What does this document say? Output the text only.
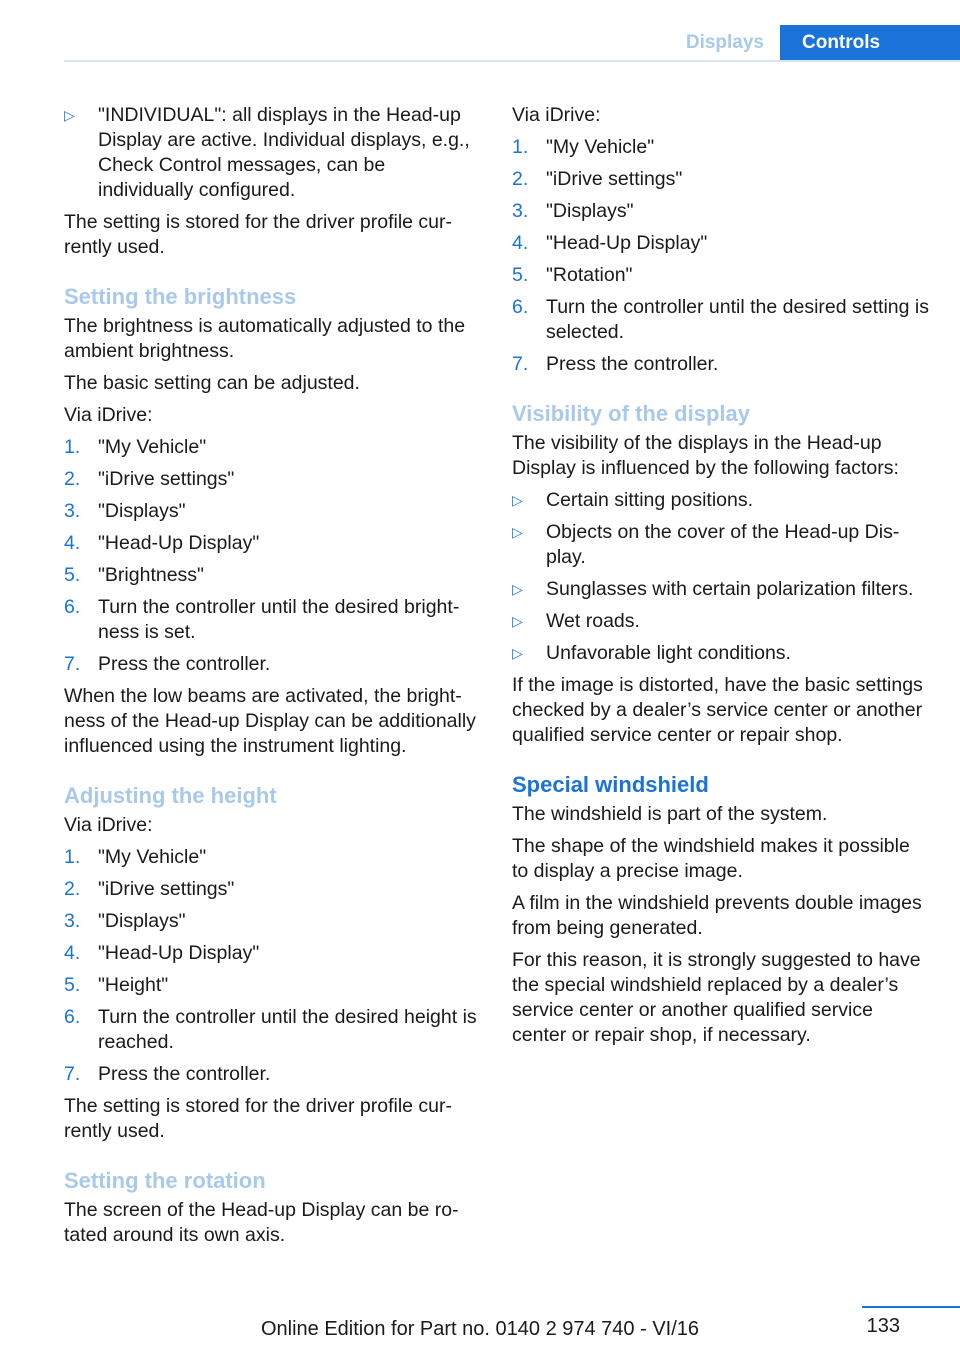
Displays	Controls
▷	"INDIVIDUAL": all displays in the Head-up Display are active. Individual displays, e.g., Check Control messages, can be individually configured.

The setting is stored for the driver profile currently used.

Setting the brightness

The brightness is automatically adjusted to the ambient brightness.

The basic setting can be adjusted.

Via iDrive:

1. "My Vehicle"
2. "iDrive settings"
3. "Displays"
4. "Head-Up Display"
5. "Brightness"
6. Turn the controller until the desired brightness is set.
7. Press the controller.

When the low beams are activated, the brightness of the Head-up Display can be additionally influenced using the instrument lighting.

Adjusting the height

Via iDrive:

1. "My Vehicle"
2. "iDrive settings"
3. "Displays"
4. "Head-Up Display"
5. "Height"
6. Turn the controller until the desired height is reached.
7. Press the controller.

The setting is stored for the driver profile currently used.

Setting the rotation

The screen of the Head-up Display can be rotated around its own axis.

Via iDrive:

1. "My Vehicle"
2. "iDrive settings"
3. "Displays"
4. "Head-Up Display"
5. "Rotation"
6. Turn the controller until the desired setting is selected.
7. Press the controller.
Visibility of the display

The visibility of the displays in the Head-up Display is influenced by the following factors:

▷	Certain sitting positions.
▷	Objects on the cover of the Head-up Display.
▷	Sunglasses with certain polarization filters.
▷	Wet roads.
▷	Unfavorable light conditions.

If the image is distorted, have the basic settings checked by a dealer’s service center or another qualified service center or repair shop.

Special windshield

The windshield is part of the system.

The shape of the windshield makes it possible to display a precise image.

A film in the windshield prevents double images from being generated.

For this reason, it is strongly suggested to have the special windshield replaced by a dealer’s service center or another qualified service center or repair shop, if necessary.

133
Online Edition for Part no. 0140 2 974 740 - VI/16
